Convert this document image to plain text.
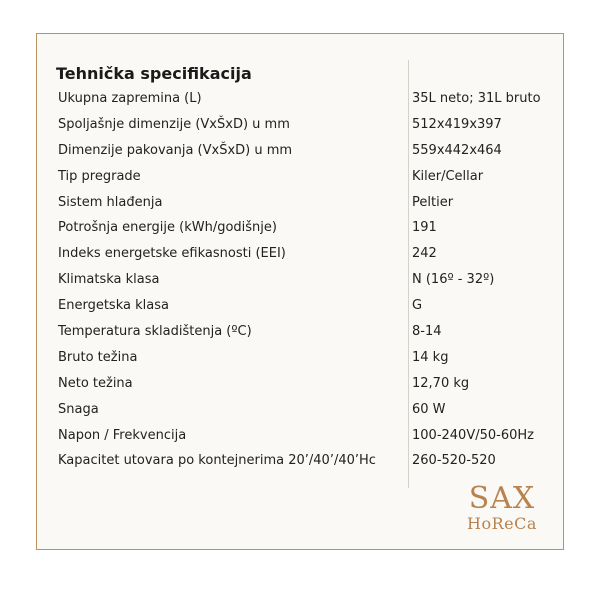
Tehnička specifikacija
Ukupna zapremina (L)	35L neto; 31L bruto
Spoljašnje dimenzije (VxŠxD) u mm	512x419x397
Dimenzije pakovanja (VxŠxD) u mm	559x442x464
Tip pregrade	Kiler/Cellar
Sistem hlađenja	Peltier
Potrošnja energije (kWh/godišnje)	191
Indeks energetske efikasnosti (EEI)	242
Klimatska klasa	N (16º - 32º)
Energetska klasa	G
Temperatura skladištenja (ºC)	8-14
Bruto težina	14 kg
Neto težina	12,70 kg
Snaga	60 W
Napon / Frekvencija	100-240V/50-60Hz
Kapacitet utovara po kontejnerima 20’/40’/40’Hc	260-520-520
SAX
HoReCa
